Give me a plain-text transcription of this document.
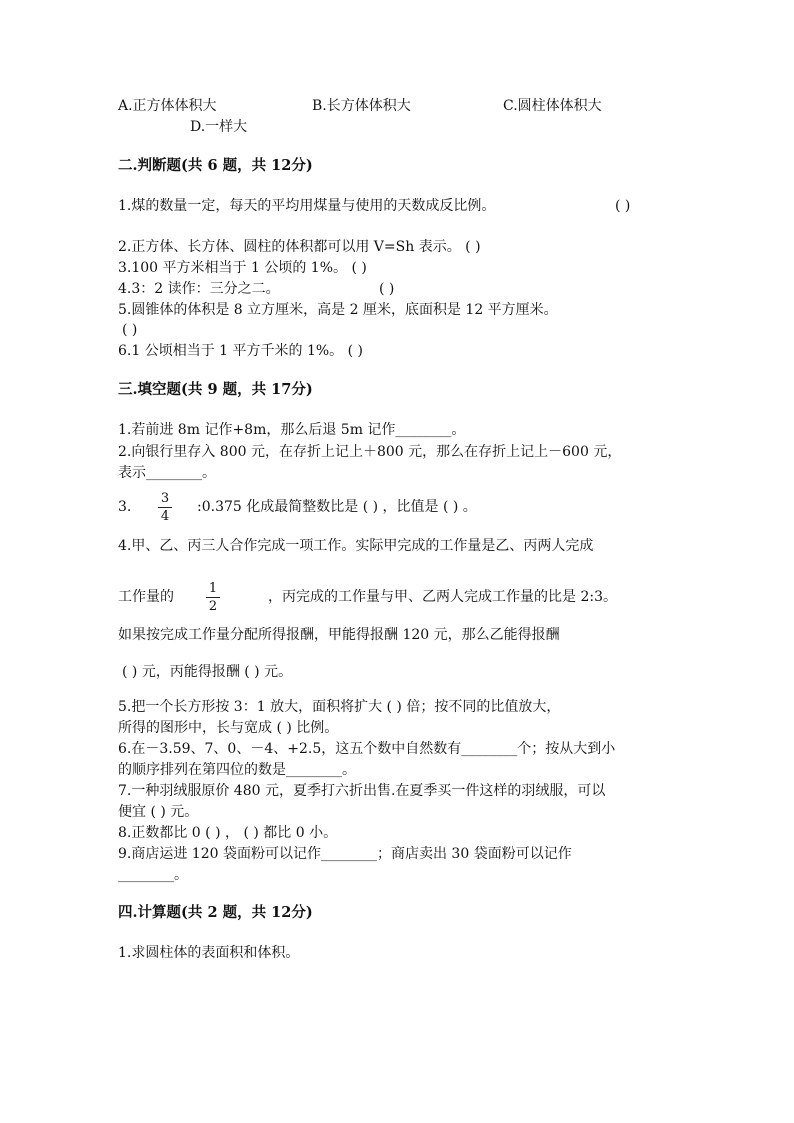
A.正方体体积大	B.长方体体积大	C.圆柱体体积大
D.一样大
二.判断题(共 6 题，共 12分)
1.煤的数量一定，每天的平均用煤量与使用的天数成反比例。	( )
2.正方体、长方体、圆柱的体积都可以用 V=Sh 表示。 ( )
3.100 平方米相当于 1 公顷的 1%。 ( )
4.3：2 读作：三分之二。	( )
5.圆锥体的体积是 8 立方厘米，高是 2 厘米，底面积是 12 平方厘米。
( )
6.1 公顷相当于 1 平方千米的 1%。 ( )
三.填空题(共 9 题，共 17分)
1.若前进 8m 记作+8m，那么后退 5m 记作________。
2.向银行里存入 800 元，在存折上记上＋800 元，那么在存折上记上－600 元，
表示________。
3.
3
4
:0.375 化成最简整数比是 ( ) ，比值是 ( ) 。
4.甲、乙、丙三人合作完成一项工作。实际甲完成的工作量是乙、丙两人完成
工作量的
1
2
，丙完成的工作量与甲、乙两人完成工作量的比是 2:3。
如果按完成工作量分配所得报酬，甲能得报酬 120 元，那么乙能得报酬
( ) 元，丙能得报酬 ( ) 元。
5.把一个长方形按 3：1 放大，面积将扩大 ( ) 倍；按不同的比值放大，
所得的图形中，长与宽成 ( ) 比例。
6.在－3.59、7、0、－4、+2.5，这五个数中自然数有________个；按从大到小
的顺序排列在第四位的数是________。
7.一种羽绒服原价 480 元，夏季打六折出售.在夏季买一件这样的羽绒服，可以
便宜 ( ) 元。
8.正数都比 0 ( ) ， ( ) 都比 0 小。
9.商店运进 120 袋面粉可以记作________；商店卖出 30 袋面粉可以记作
________。
四.计算题(共 2 题，共 12分)
1.求圆柱体的表面积和体积。
